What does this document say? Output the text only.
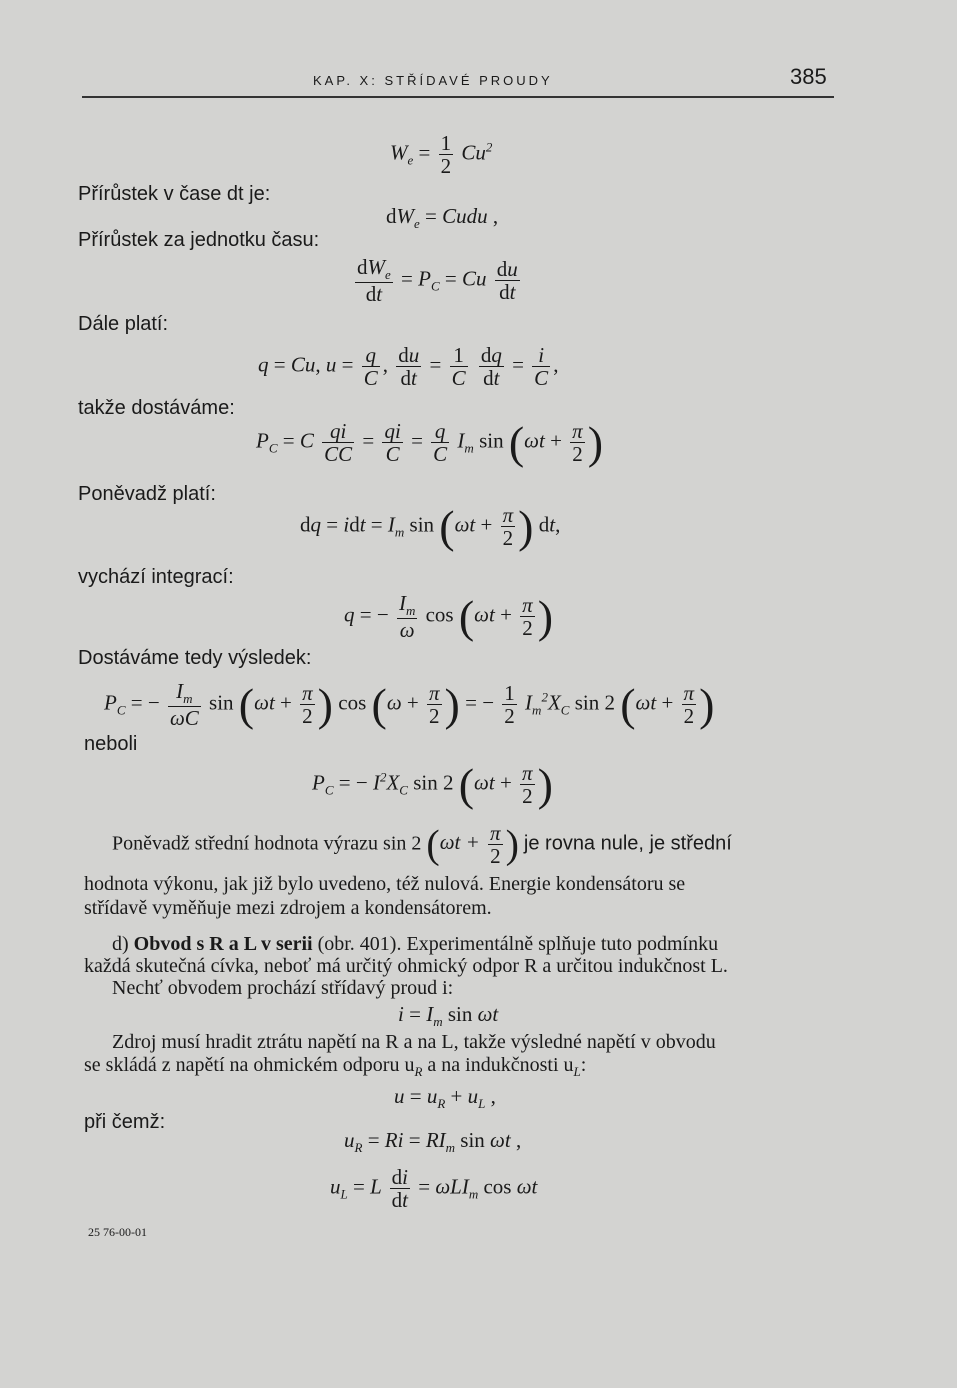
KAP. X: STŘÍDAVÉ PROUDY	385
$W_e = \frac{1}{2} Cu^2$
Přírůstek v čase dt je:
$dW_e$ = Cudu ,
Přírůstek za jednotku času:
$\frac{dW_e}{dt} = P_C = Cu \frac{du}{dt}$
Dále platí:
q = Cu, $u = \frac{q}{C}$ , $\frac{du}{dt} = \frac{1}{C}$
$\frac{dq}{dt} = \frac{i}{C}$ ,
takže dostáváme:
$P_C = C \frac{qi}{CC} = \frac{qi}{C} = \frac{q}{C} I_m$ $\sin (\omega t + \frac{\pi}{2}$ )
Poněvadž platí:
dq = idt = $I_m$ $\sin (\omega t + \frac{\pi}{2}$ ) dt,
vychází integrací:
q = − $\frac{I_m}{\omega}$ $\cos (\omega t + \frac{\pi}{2}$ )
Dostáváme tedy výsledek:
$P_C$ = − $\frac{I_m}{\omega C}$ $\sin (\omega t + \frac{\pi}{2}$ ) $\cos (\omega + \frac{\pi}{2}$ ) = − $\frac{1}{2} I_m^2X_C$ sin 2 ($\omega t + \frac{\pi}{2}$ )
neboli
$P_C$ = − $I^2X_C$ sin 2 ($\omega t + \frac{\pi}{2}$ )
Poněvadž střední hodnota výrazu sin 2 ($\omega t + \frac{\pi}{2}$ ) je rovna nule, je střední
hodnota výkonu, jak již bylo uvedeno, též nulová. Energie kondensátoru se
střídavě vyměňuje mezi zdrojem a kondensátorem.
d) Obvod s R a L v serii (obr. 401). Experimentálně splňuje tuto podmínku
každá skutečná cívka, neboť má určitý ohmický odpor R a určitou indukčnost L.
Nechť obvodem prochází střídavý proud i:
$i = I_m$ sin ωt
Zdroj musí hradit ztrátu napětí na R a na L, takže výsledné napětí v obvodu
se skládá z napětí na ohmickém odporu $u_R$ a na indukčnosti $u_L$:
$u = u_R + u_L$ ,
při čemž:
$u_R = Ri = RI_m$ sin ωt ,
$u_L = L \frac{di}{dt} = \omega LI_m$ cos ωt
25 76-00-01
